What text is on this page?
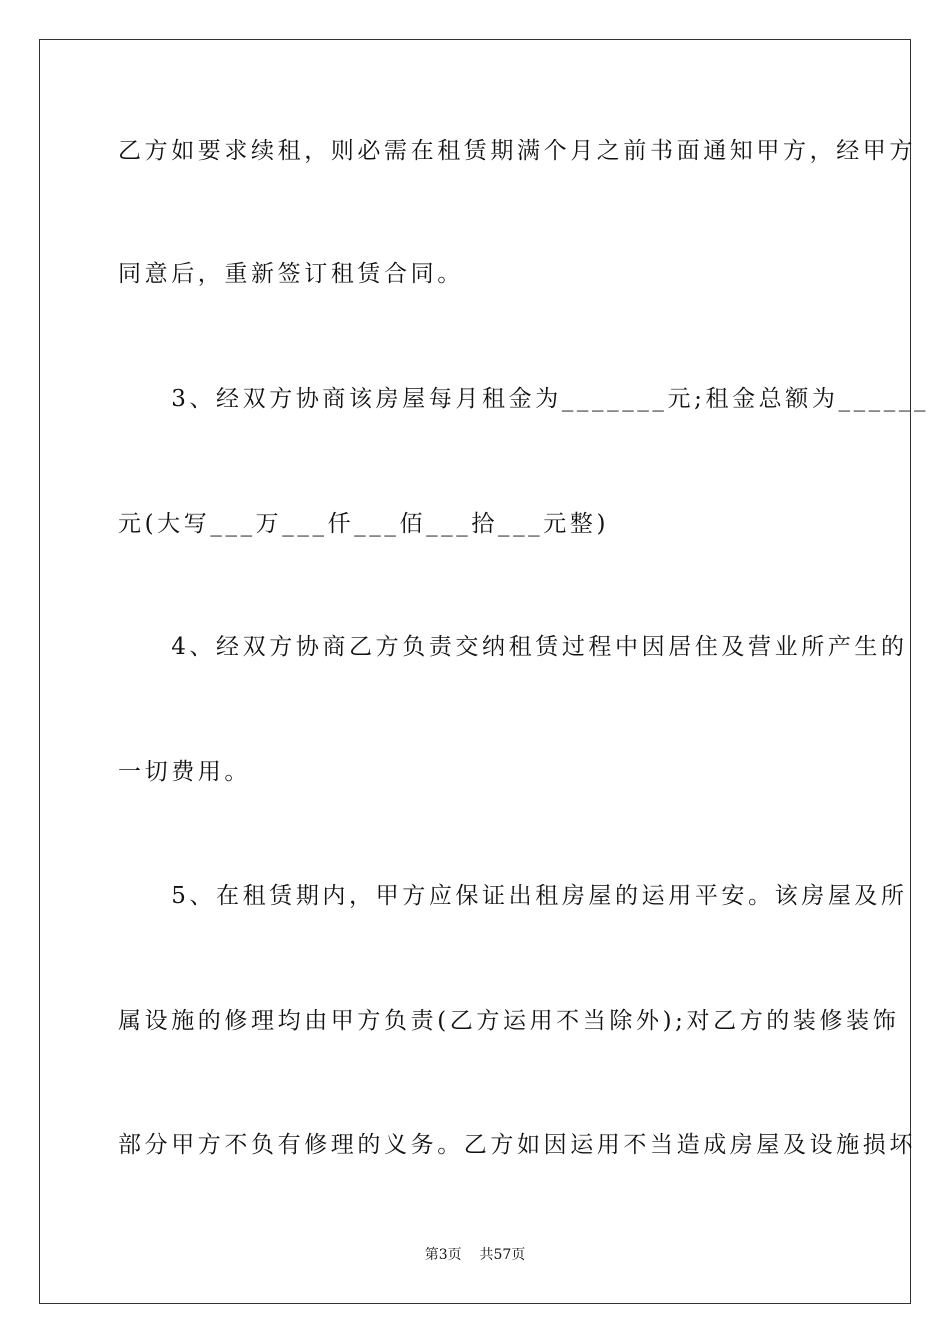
乙方如要求续租，则必需在租赁期满个月之前书面通知甲方，经甲方
同意后，重新签订租赁合同。
　　3、经双方协商该房屋每月租金为_______元;租金总额为______
元(大写___万___仟___佰___拾___元整)
　　4、经双方协商乙方负责交纳租赁过程中因居住及营业所产生的
一切费用。
　　5、在租赁期内，甲方应保证出租房屋的运用平安。该房屋及所
属设施的修理均由甲方负责(乙方运用不当除外);对乙方的装修装饰
部分甲方不负有修理的义务。乙方如因运用不当造成房屋及设施损坏
第3页 共57页
